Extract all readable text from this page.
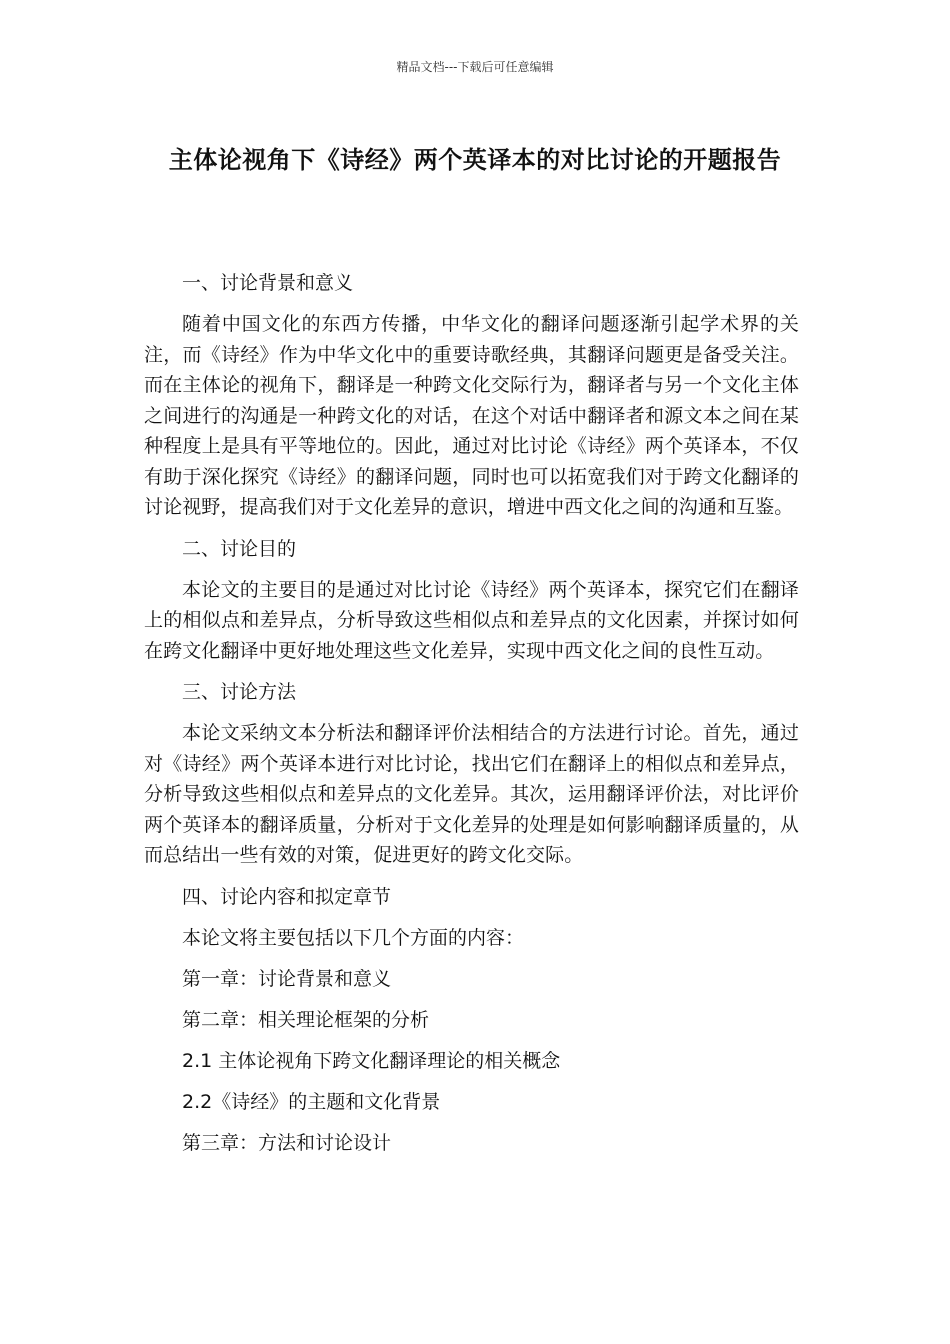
精品文档---下载后可任意编辑
主体论视角下《诗经》两个英译本的对比讨论的开题报告
一、讨论背景和意义
随着中国文化的东西方传播，中华文化的翻译问题逐渐引起学术界的关注，而《诗经》作为中华文化中的重要诗歌经典，其翻译问题更是备受关注。而在主体论的视角下，翻译是一种跨文化交际行为，翻译者与另一个文化主体之间进行的沟通是一种跨文化的对话，在这个对话中翻译者和源文本之间在某种程度上是具有平等地位的。因此，通过对比讨论《诗经》两个英译本，不仅有助于深化探究《诗经》的翻译问题，同时也可以拓宽我们对于跨文化翻译的讨论视野，提高我们对于文化差异的意识，增进中西文化之间的沟通和互鉴。
二、讨论目的
本论文的主要目的是通过对比讨论《诗经》两个英译本，探究它们在翻译上的相似点和差异点，分析导致这些相似点和差异点的文化因素，并探讨如何在跨文化翻译中更好地处理这些文化差异，实现中西文化之间的良性互动。
三、讨论方法
本论文采纳文本分析法和翻译评价法相结合的方法进行讨论。首先，通过对《诗经》两个英译本进行对比讨论，找出它们在翻译上的相似点和差异点，分析导致这些相似点和差异点的文化差异。其次，运用翻译评价法，对比评价两个英译本的翻译质量，分析对于文化差异的处理是如何影响翻译质量的，从而总结出一些有效的对策，促进更好的跨文化交际。
四、讨论内容和拟定章节
本论文将主要包括以下几个方面的内容：
第一章：讨论背景和意义
第二章：相关理论框架的分析
2.1 主体论视角下跨文化翻译理论的相关概念
2.2《诗经》的主题和文化背景
第三章：方法和讨论设计
